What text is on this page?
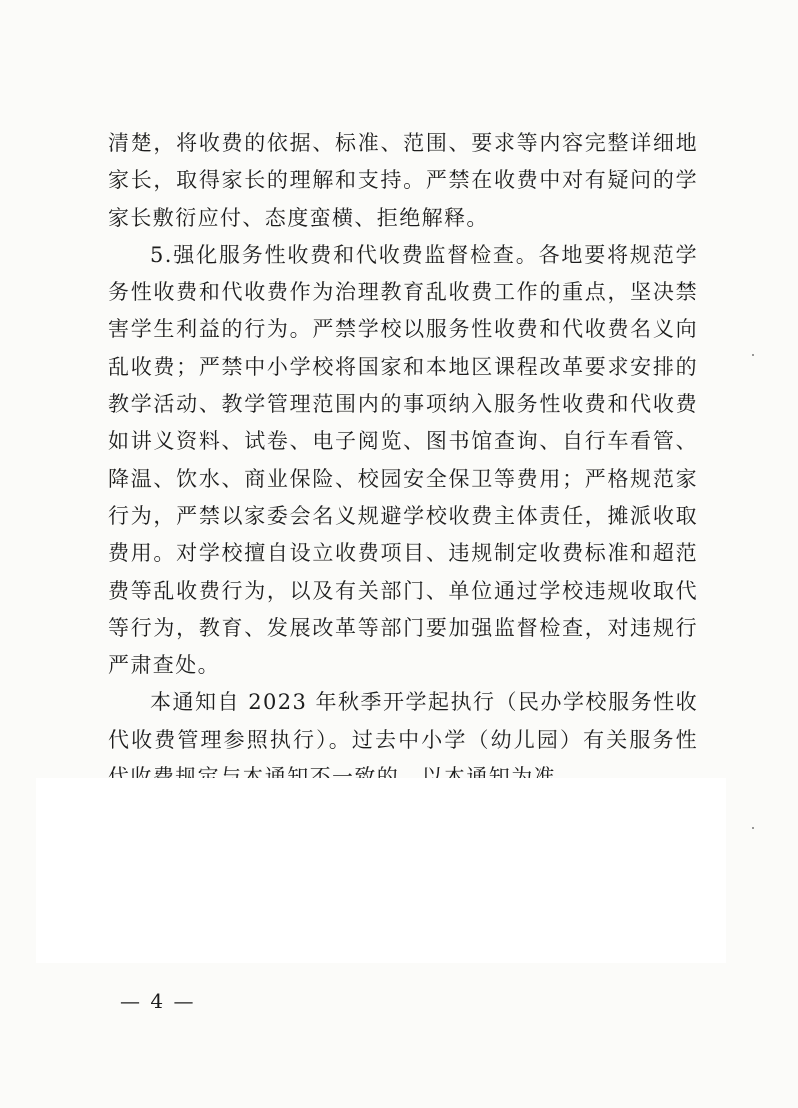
清楚，将收费的依据、标准、范围、要求等内容完整详细地
家长，取得家长的理解和支持。严禁在收费中对有疑问的学
家长敷衍应付、态度蛮横、拒绝解释。
5.强化服务性收费和代收费监督检查。各地要将规范学
务性收费和代收费作为治理教育乱收费工作的重点，坚决禁
害学生利益的行为。严禁学校以服务性收费和代收费名义向
乱收费；严禁中小学校将国家和本地区课程改革要求安排的
教学活动、教学管理范围内的事项纳入服务性收费和代收费
如讲义资料、试卷、电子阅览、图书馆查询、自行车看管、
降温、饮水、商业保险、校园安全保卫等费用；严格规范家
行为，严禁以家委会名义规避学校收费主体责任，摊派收取
费用。对学校擅自设立收费项目、违规制定收费标准和超范
费等乱收费行为，以及有关部门、单位通过学校违规收取代
等行为，教育、发展改革等部门要加强监督检查，对违规行
严肃查处。
本通知自 2023 年秋季开学起执行（民办学校服务性收
代收费管理参照执行）。过去中小学（幼儿园）有关服务性
— 4 —
